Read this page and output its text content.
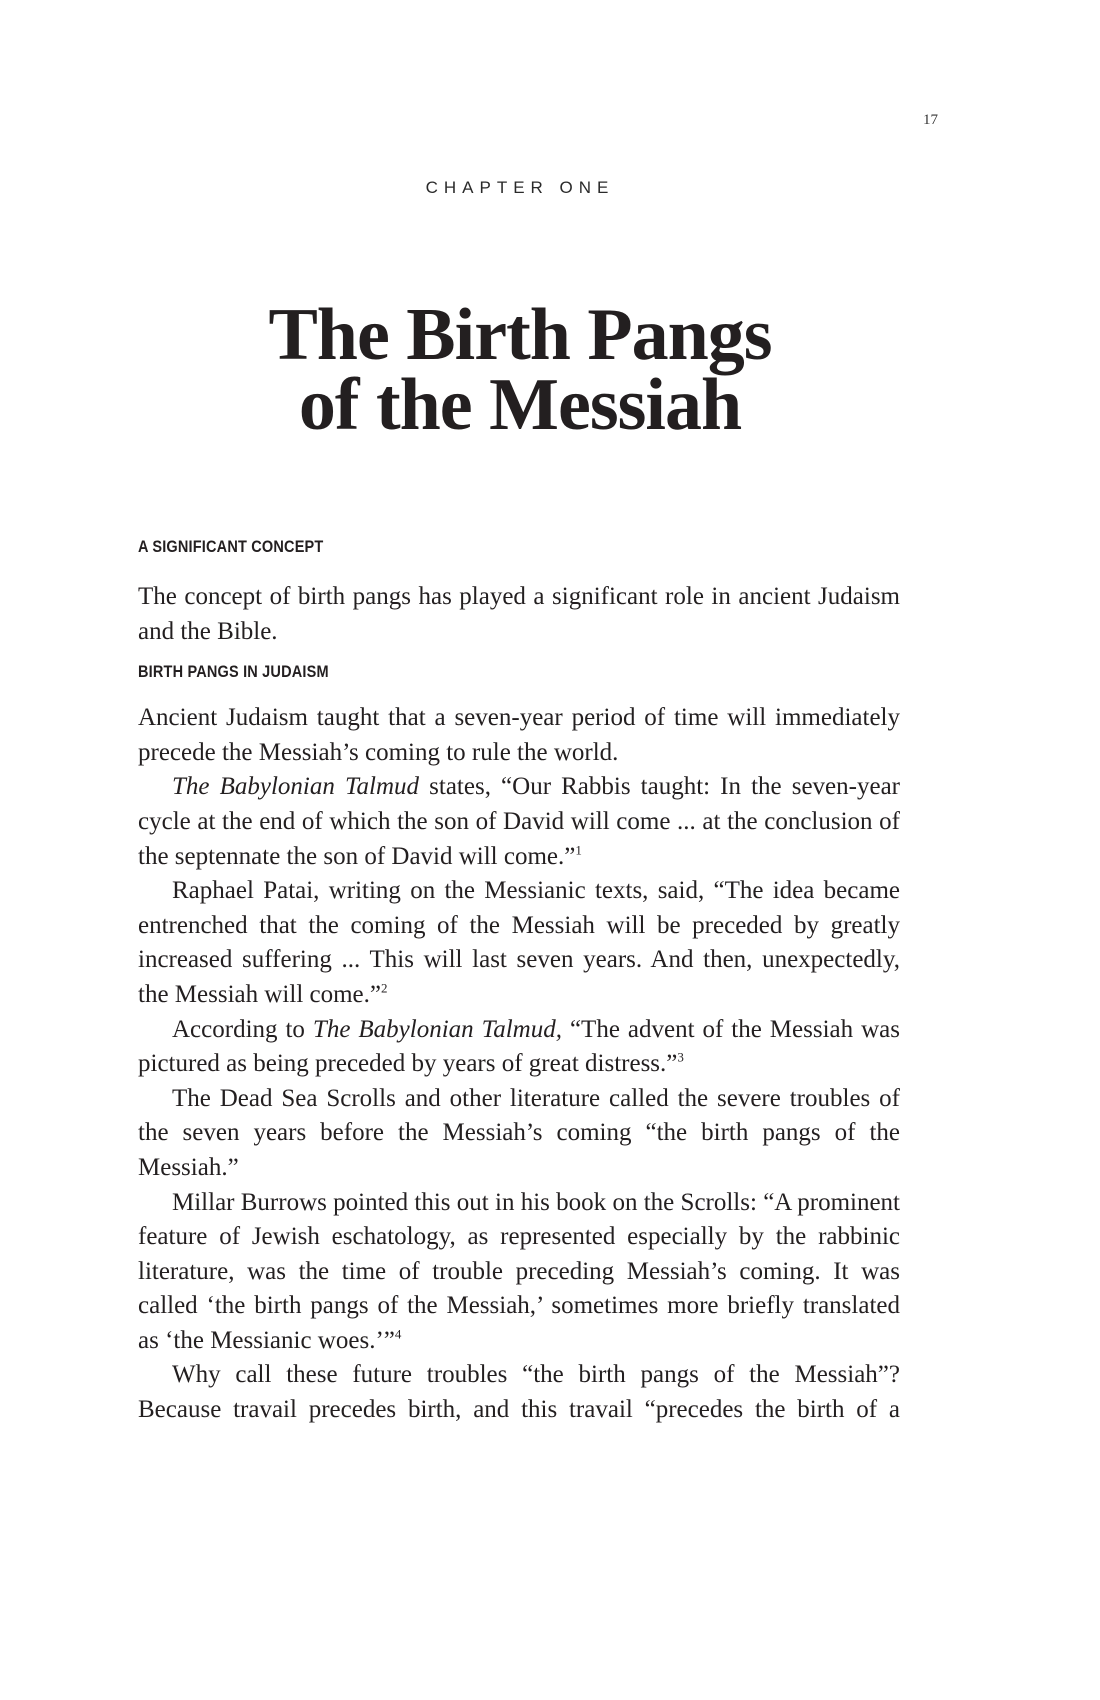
17
CHAPTER ONE
The Birth Pangs
of the Messiah
A SIGNIFICANT CONCEPT

The concept of birth pangs has played a significant role in ancient Judaism and the Bible.

BIRTH PANGS IN JUDAISM

Ancient Judaism taught that a seven-year period of time will immediately precede the Messiah’s coming to rule the world.

The Babylonian Talmud states, “Our Rabbis taught: In the seven-year cycle at the end of which the son of David will come ... at the conclusion of the septennate the son of David will come.”$^1$

Raphael Patai, writing on the Messianic texts, said, “The idea became entrenched that the coming of the Messiah will be preceded by greatly increased suffering ... This will last seven years. And then, unexpectedly, the Messiah will come.”$^2$

According to The Babylonian Talmud, “The advent of the Messiah was pictured as being preceded by years of great distress.”$^3$

The Dead Sea Scrolls and other literature called the severe troubles of the seven years before the Messiah’s coming “the birth pangs of the Messiah.”

Millar Burrows pointed this out in his book on the Scrolls: “A prominent feature of Jewish eschatology, as represented especially by the rabbinic literature, was the time of trouble preceding Messiah’s coming. It was called ‘the birth pangs of the Messiah,’ sometimes more briefly translated as ‘the Messianic woes.’”$^4$

Why call these future troubles “the birth pangs of the Messiah”? Because travail precedes birth, and this travail “precedes the birth of a
